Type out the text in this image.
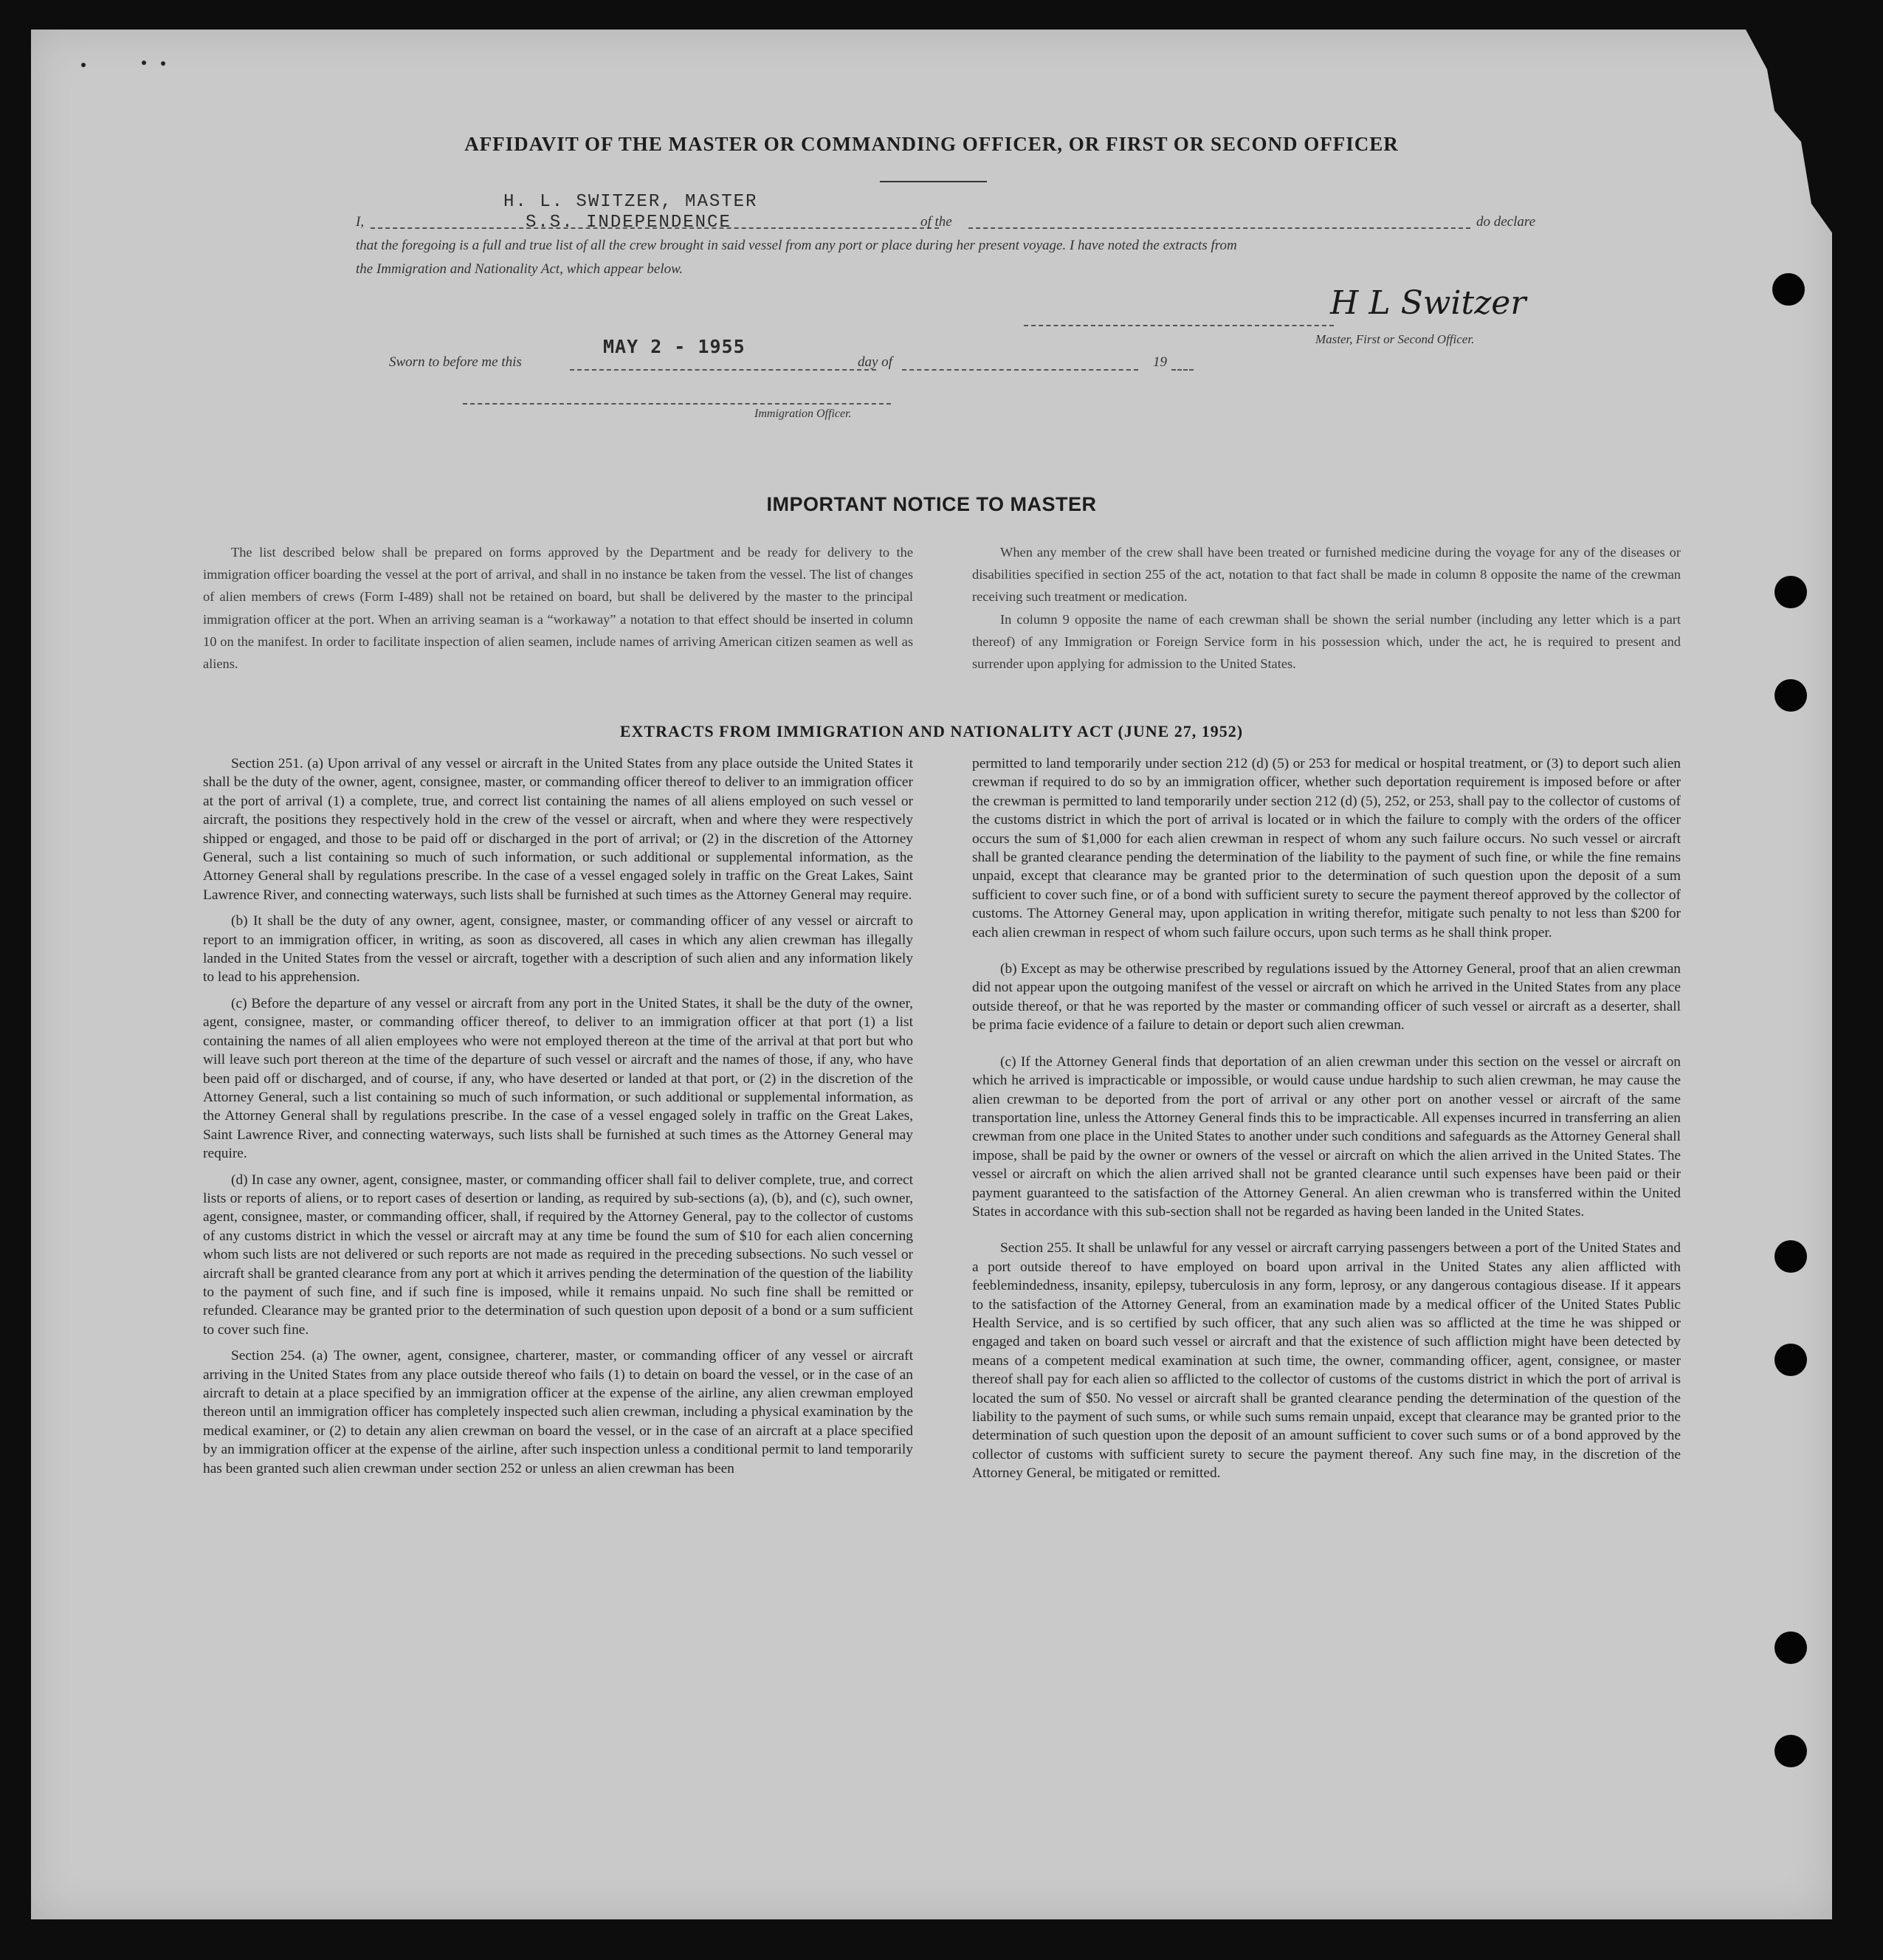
AFFIDAVIT OF THE MASTER OR COMMANDING OFFICER, OR FIRST OR SECOND OFFICER
H. L. SWITZER, MASTER
I,	S.S. INDEPENDENCE	of the	do declare
that the foregoing is a full and true list of all the crew brought in said vessel from any port or place during her present voyage. I have noted the extracts from
the Immigration and Nationality Act, which appear below.
H L Switzer
Master, First or Second Officer.
MAY 2 - 1955
Sworn to before me this	day of	19
Immigration Officer.
IMPORTANT NOTICE TO MASTER

The list described below shall be prepared on forms approved by the Department and be ready for delivery to the immigration officer boarding the vessel at the port of arrival, and shall in no instance be taken from the vessel. The list of changes of alien members of crews (Form I-489) shall not be retained on board, but shall be delivered by the master to the principal immigration officer at the port. When an arriving seaman is a “workaway” a notation to that effect should be inserted in column 10 on the manifest. In order to facilitate inspection of alien seamen, include names of arriving American citizen seamen as well as aliens.

When any member of the crew shall have been treated or furnished medicine during the voyage for any of the diseases or disabilities specified in section 255 of the act, notation to that fact shall be made in column 8 opposite the name of the crewman receiving such treatment or medication.

In column 9 opposite the name of each crewman shall be shown the serial number (including any letter which is a part thereof) of any Immigration or Foreign Service form in his possession which, under the act, he is required to present and surrender upon applying for admission to the United States.

EXTRACTS FROM IMMIGRATION AND NATIONALITY ACT (JUNE 27, 1952)

Section 251. (a) Upon arrival of any vessel or aircraft in the United States from any place outside the United States it shall be the duty of the owner, agent, consignee, master, or commanding officer thereof to deliver to an immigration officer at the port of arrival (1) a complete, true, and correct list containing the names of all aliens employed on such vessel or aircraft, the positions they respectively hold in the crew of the vessel or aircraft, when and where they were respectively shipped or engaged, and those to be paid off or discharged in the port of arrival; or (2) in the discretion of the Attorney General, such a list containing so much of such information, or such additional or supplemental information, as the Attorney General shall by regulations prescribe. In the case of a vessel engaged solely in traffic on the Great Lakes, Saint Lawrence River, and connecting waterways, such lists shall be furnished at such times as the Attorney General may require.

(b) It shall be the duty of any owner, agent, consignee, master, or commanding officer of any vessel or aircraft to report to an immigration officer, in writing, as soon as discovered, all cases in which any alien crewman has illegally landed in the United States from the vessel or aircraft, together with a description of such alien and any information likely to lead to his apprehension.

(c) Before the departure of any vessel or aircraft from any port in the United States, it shall be the duty of the owner, agent, consignee, master, or commanding officer thereof, to deliver to an immigration officer at that port (1) a list containing the names of all alien employees who were not employed thereon at the time of the arrival at that port but who will leave such port thereon at the time of the departure of such vessel or aircraft and the names of those, if any, who have been paid off or discharged, and of course, if any, who have deserted or landed at that port, or (2) in the discretion of the Attorney General, such a list containing so much of such information, or such additional or supplemental information, as the Attorney General shall by regulations prescribe. In the case of a vessel engaged solely in traffic on the Great Lakes, Saint Lawrence River, and connecting waterways, such lists shall be furnished at such times as the Attorney General may require.

(d) In case any owner, agent, consignee, master, or commanding officer shall fail to deliver complete, true, and correct lists or reports of aliens, or to report cases of desertion or landing, as required by sub-sections (a), (b), and (c), such owner, agent, consignee, master, or commanding officer, shall, if required by the Attorney General, pay to the collector of customs of any customs district in which the vessel or aircraft may at any time be found the sum of $10 for each alien concerning whom such lists are not delivered or such reports are not made as required in the preceding subsections. No such vessel or aircraft shall be granted clearance from any port at which it arrives pending the determination of the question of the liability to the payment of such fine, and if such fine is imposed, while it remains unpaid. No such fine shall be remitted or refunded. Clearance may be granted prior to the determination of such question upon deposit of a bond or a sum sufficient to cover such fine.

Section 254. (a) The owner, agent, consignee, charterer, master, or commanding officer of any vessel or aircraft arriving in the United States from any place outside thereof who fails (1) to detain on board the vessel, or in the case of an aircraft to detain at a place specified by an immigration officer at the expense of the airline, any alien crewman employed thereon until an immigration officer has completely inspected such alien crewman, including a physical examination by the medical examiner, or (2) to detain any alien crewman on board the vessel, or in the case of an aircraft at a place specified by an immigration officer at the expense of the airline, after such inspection unless a conditional permit to land temporarily has been granted such alien crewman under section 252 or unless an alien crewman has been

permitted to land temporarily under section 212 (d) (5) or 253 for medical or hospital treatment, or (3) to deport such alien crewman if required to do so by an immigration officer, whether such deportation requirement is imposed before or after the crewman is permitted to land temporarily under section 212 (d) (5), 252, or 253, shall pay to the collector of customs of the customs district in which the port of arrival is located or in which the failure to comply with the orders of the officer occurs the sum of $1,000 for each alien crewman in respect of whom any such failure occurs. No such vessel or aircraft shall be granted clearance pending the determination of the liability to the payment of such fine, or while the fine remains unpaid, except that clearance may be granted prior to the determination of such question upon the deposit of a sum sufficient to cover such fine, or of a bond with sufficient surety to secure the payment thereof approved by the collector of customs. The Attorney General may, upon application in writing therefor, mitigate such penalty to not less than $200 for each alien crewman in respect of whom such failure occurs, upon such terms as he shall think proper.

(b) Except as may be otherwise prescribed by regulations issued by the Attorney General, proof that an alien crewman did not appear upon the outgoing manifest of the vessel or aircraft on which he arrived in the United States from any place outside thereof, or that he was reported by the master or commanding officer of such vessel or aircraft as a deserter, shall be prima facie evidence of a failure to detain or deport such alien crewman.

(c) If the Attorney General finds that deportation of an alien crewman under this section on the vessel or aircraft on which he arrived is impracticable or impossible, or would cause undue hardship to such alien crewman, he may cause the alien crewman to be deported from the port of arrival or any other port on another vessel or aircraft of the same transportation line, unless the Attorney General finds this to be impracticable. All expenses incurred in transferring an alien crewman from one place in the United States to another under such conditions and safeguards as the Attorney General shall impose, shall be paid by the owner or owners of the vessel or aircraft on which the alien arrived in the United States. The vessel or aircraft on which the alien arrived shall not be granted clearance until such expenses have been paid or their payment guaranteed to the satisfaction of the Attorney General. An alien crewman who is transferred within the United States in accordance with this sub-section shall not be regarded as having been landed in the United States.

Section 255. It shall be unlawful for any vessel or aircraft carrying passengers between a port of the United States and a port outside thereof to have employed on board upon arrival in the United States any alien afflicted with feeblemindedness, insanity, epilepsy, tuberculosis in any form, leprosy, or any dangerous contagious disease. If it appears to the satisfaction of the Attorney General, from an examination made by a medical officer of the United States Public Health Service, and is so certified by such officer, that any such alien was so afflicted at the time he was shipped or engaged and taken on board such vessel or aircraft and that the existence of such affliction might have been detected by means of a competent medical examination at such time, the owner, commanding officer, agent, consignee, or master thereof shall pay for each alien so afflicted to the collector of customs of the customs district in which the port of arrival is located the sum of $50. No vessel or aircraft shall be granted clearance pending the determination of the question of the liability to the payment of such sums, or while such sums remain unpaid, except that clearance may be granted prior to the determination of such question upon the deposit of an amount sufficient to cover such sums or of a bond approved by the collector of customs with sufficient surety to secure the payment thereof. Any such fine may, in the discretion of the Attorney General, be mitigated or remitted.
